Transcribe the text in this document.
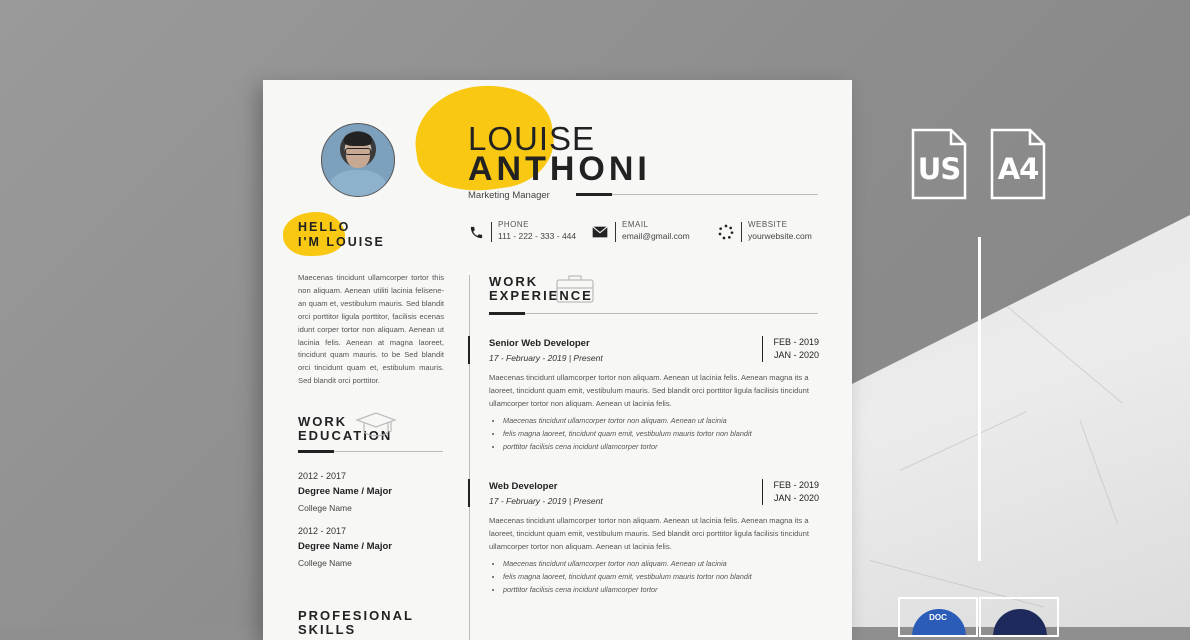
LOUISE
ANTHONI
Marketing Manager
PHONE
111 - 222 - 333 - 444
EMAIL
email@gmail.com
WEBSITE
yourwebsite.com
HELLO
I'M LOUISE
Maecenas tincidunt ullamcorper tortor this non aliquam. Aenean utiliti lacinia felisene-an quam et, vestibulum mauris. Sed blandit orci porttitor ligula porttitor, facilisis ecenas idunt corper tortor non aliquam. Aenean ut lacinia felis. Aenean at magna laoreet, tincidunt quam mauris. to be Sed blandit orci tincidunt quam et, estibulum mauris. Sed blandit orci porttitor.
WORK
EDUCATION
2012 - 2017
Degree Name / Major
College Name
2012 - 2017
Degree Name / Major
College Name
PROFESIONAL
SKILLS
WORK
EXPERIENCE
Senior Web Developer
17 - February - 2019 | Present
FEB - 2019
JAN - 2020
Maecenas tincidunt ullamcorper tortor non aliquam. Aenean ut lacinia felis. Aenean magna its a laoreet, tincidunt quam emit, vestibulum mauris. Sed blandit orci porttitor ligula facilisis tincidunt ullamcorper tortor non aliquam. Aenean ut lacinia felis.
• Maecenas tincidunt ullamcorper tortor non aliquam. Aenean ut lacinia
• felis magna laoreet, tincidunt quam emit, vestibulum mauris tortor non blandit
• porttitor facilisis cena incidunt ullamcorper tortor
Web Developer
17 - February - 2019 | Present
FEB - 2019
JAN - 2020
Maecenas tincidunt ullamcorper tortor non aliquam. Aenean ut lacinia felis. Aenean magna its a laoreet, tincidunt quam emit, vestibulum mauris. Sed blandit orci porttitor ligula facilisis tincidunt ullamcorper tortor non aliquam. Aenean ut lacinia felis.
• Maecenas tincidunt ullamcorper tortor non aliquam. Aenean ut lacinia
• felis magna laoreet, tincidunt quam emit, vestibulum mauris tortor non blandit
• porttitor facilisis cena incidunt ullamcorper tortor
US A4
DOC
